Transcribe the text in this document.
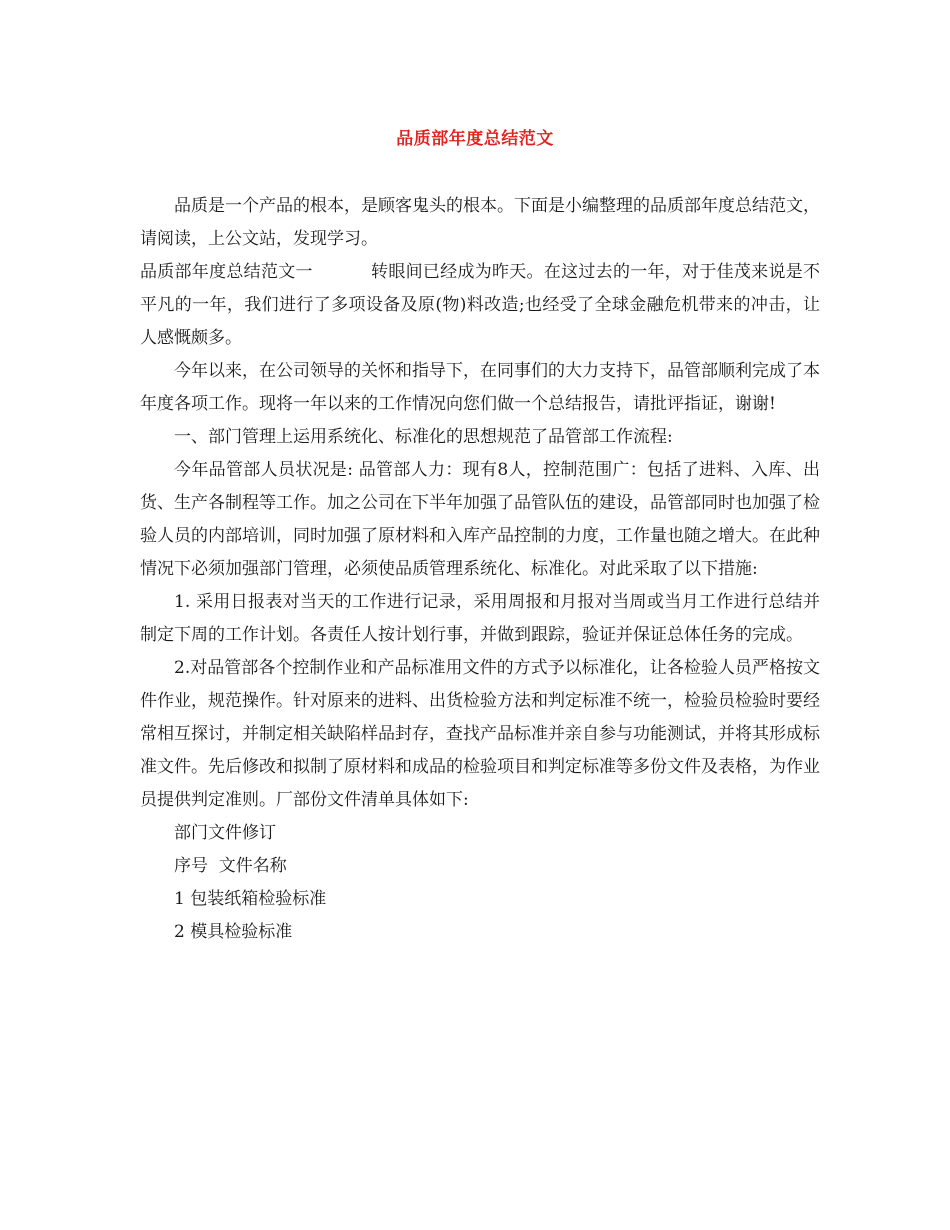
品质部年度总结范文

品质是一个产品的根本，是顾客鬼头的根本。下面是小编整理的品质部年度总结范文，请阅读，上公文站，发现学习。

品质部年度总结范文一	转眼间已经成为昨天。在这过去的一年，对于佳茂来说是不平凡的一年，我们进行了多项设备及原(物)料改造;也经受了全球金融危机带来的冲击，让人感慨颇多。

今年以来，在公司领导的关怀和指导下，在同事们的大力支持下，品管部顺利完成了本年度各项工作。现将一年以来的工作情况向您们做一个总结报告，请批评指证，谢谢!

一、部门管理上运用系统化、标准化的思想规范了品管部工作流程:

今年品管部人员状况是: 品管部人力：现有8人，控制范围广：包括了进料、入库、出货、生产各制程等工作。加之公司在下半年加强了品管队伍的建设，品管部同时也加强了检验人员的内部培训，同时加强了原材料和入库产品控制的力度，工作量也随之增大。在此种情况下必须加强部门管理，必须使品质管理系统化、标准化。对此采取了以下措施:

1. 采用日报表对当天的工作进行记录，采用周报和月报对当周或当月工作进行总结并制定下周的工作计划。各责任人按计划行事，并做到跟踪，验证并保证总体任务的完成。

2.对品管部各个控制作业和产品标准用文件的方式予以标准化，让各检验人员严格按文件作业，规范操作。针对原来的进料、出货检验方法和判定标准不统一，检验员检验时要经常相互探讨，并制定相关缺陷样品封存，查找产品标准并亲自参与功能测试，并将其形成标准文件。先后修改和拟制了原材料和成品的检验项目和判定标准等多份文件及表格，为作业员提供判定准则。厂部份文件清单具体如下:

部门文件修订

序号  文件名称

1 包装纸箱检验标准

2 模具检验标准
